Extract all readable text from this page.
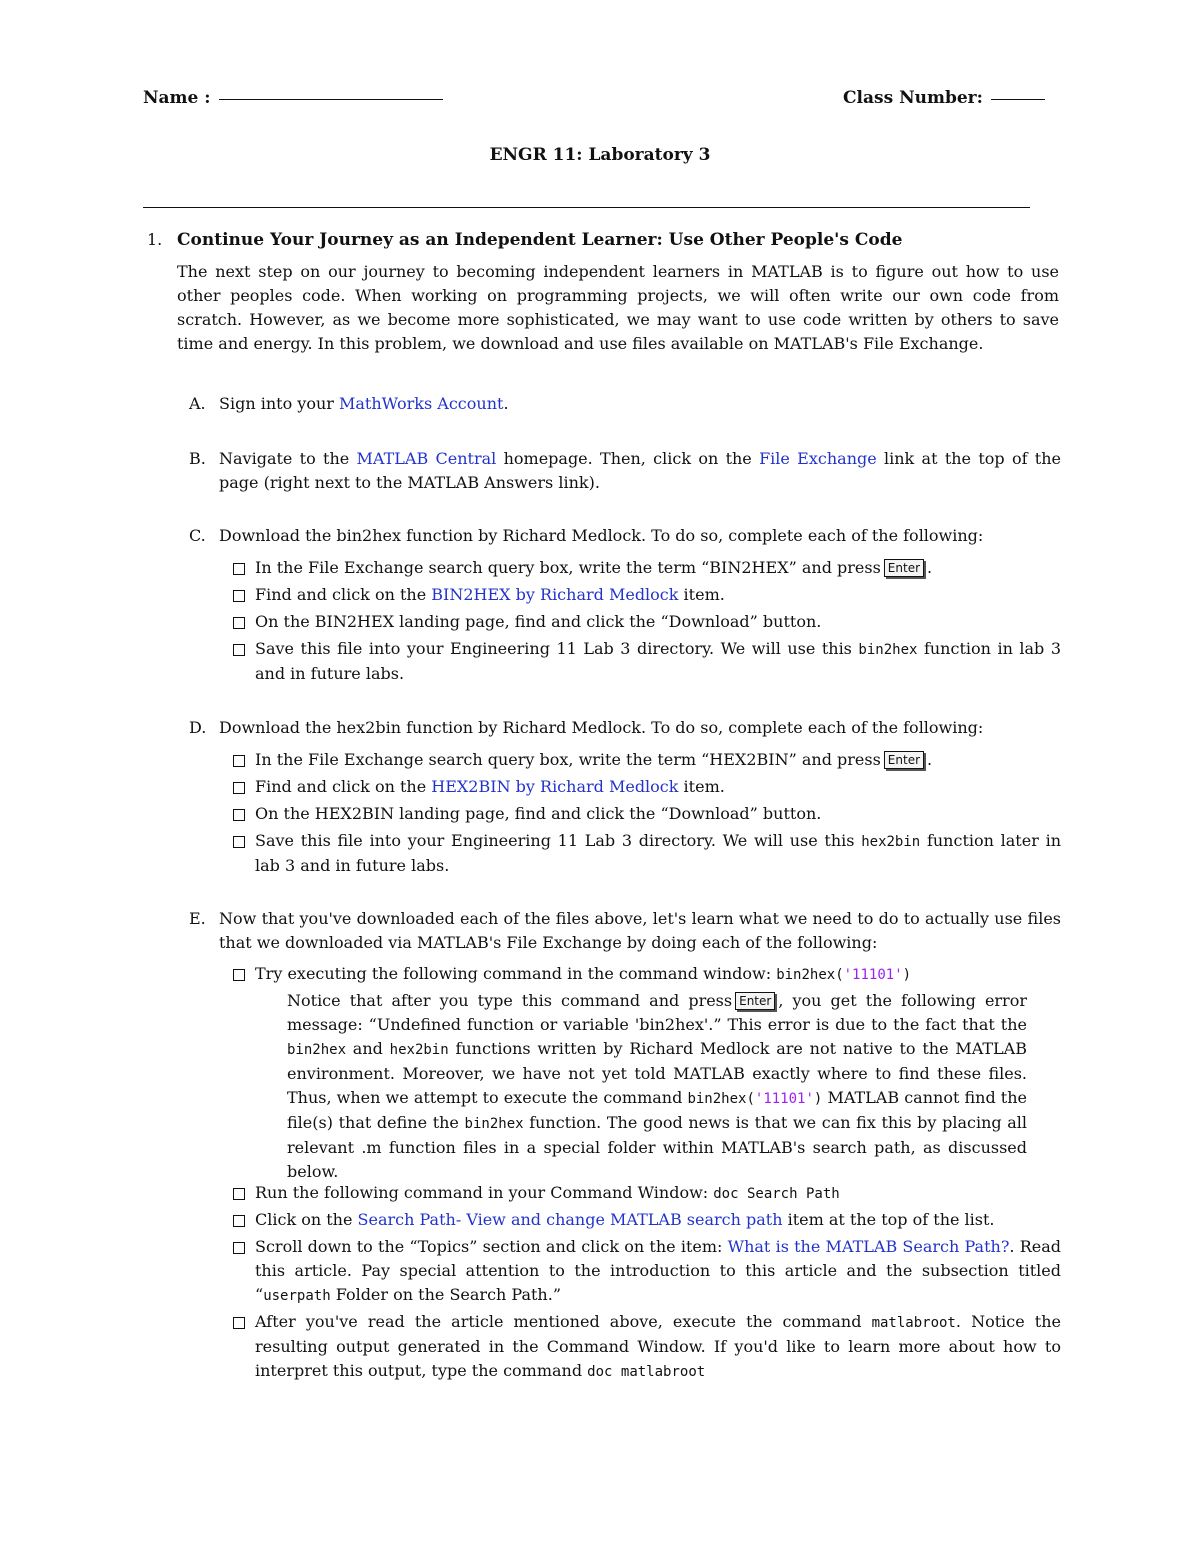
Name :	Class Number:
ENGR 11: Laboratory 3
1. Continue Your Journey as an Independent Learner: Use Other People's Code
The next step on our journey to becoming independent learners in MATLAB is to figure out how to use other peoples code. When working on programming projects, we will often write our own code from scratch. However, as we become more sophisticated, we may want to use code written by others to save time and energy. In this problem, we download and use files available on MATLAB's File Exchange.
A. Sign into your MathWorks Account.
B. Navigate to the MATLAB Central homepage. Then, click on the File Exchange link at the top of the page (right next to the MATLAB Answers link).
C. Download the bin2hex function by Richard Medlock. To do so, complete each of the following:
In the File Exchange search query box, write the term “BIN2HEX” and press Enter .
Find and click on the BIN2HEX by Richard Medlock item.
On the BIN2HEX landing page, find and click the “Download” button.
Save this file into your Engineering 11 Lab 3 directory. We will use this bin2hex function in lab 3 and in future labs.
D. Download the hex2bin function by Richard Medlock. To do so, complete each of the following:
In the File Exchange search query box, write the term “HEX2BIN” and press Enter .
Find and click on the HEX2BIN by Richard Medlock item.
On the HEX2BIN landing page, find and click the “Download” button.
Save this file into your Engineering 11 Lab 3 directory. We will use this hex2bin function later in lab 3 and in future labs.
E. Now that you've downloaded each of the files above, let's learn what we need to do to actually use files that we downloaded via MATLAB's File Exchange by doing each of the following:
Try executing the following command in the command window: bin2hex('11101')
Notice that after you type this command and press Enter , you get the following error message: “Undefined function or variable 'bin2hex'.” This error is due to the fact that the bin2hex and hex2bin functions written by Richard Medlock are not native to the MATLAB environment. Moreover, we have not yet told MATLAB exactly where to find these files. Thus, when we attempt to execute the command bin2hex('11101') MATLAB cannot find the file(s) that define the bin2hex function. The good news is that we can fix this by placing all relevant .m function files in a special folder within MATLAB's search path, as discussed below.
Run the following command in your Command Window: doc Search Path
Click on the Search Path- View and change MATLAB search path item at the top of the list.
Scroll down to the “Topics” section and click on the item: What is the MATLAB Search Path?. Read this article. Pay special attention to the introduction to this article and the subsection titled “userpath Folder on the Search Path.”
After you've read the article mentioned above, execute the command matlabroot. Notice the resulting output generated in the Command Window. If you'd like to learn more about how to interpret this output, type the command doc matlabroot
